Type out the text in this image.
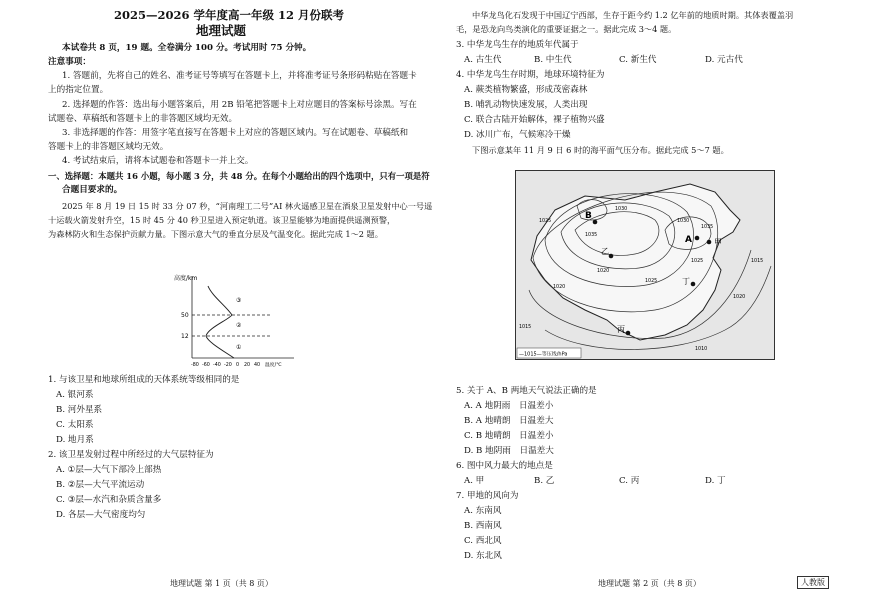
2025—2026 学年度高一年级 12 月份联考
地理试题
本试卷共 8 页，19 题。全卷满分 100 分。考试用时 75 分钟。
注意事项：
1. 答题前，先将自己的姓名、准考证号等填写在答题卡上，并将准考证号条形码粘贴在答题卡
上的指定位置。
2. 选择题的作答：选出每小题答案后，用 2B 铅笔把答题卡上对应题目的答案标号涂黑。写在
试题卷、草稿纸和答题卡上的非答题区域均无效。
3. 非选择题的作答：用签字笔直接写在答题卡上对应的答题区域内。写在试题卷、草稿纸和
答题卡上的非答题区域均无效。
4. 考试结束后，请将本试题卷和答题卡一并上交。
一、选择题：本题共 16 小题，每小题 3 分，共 48 分。在每个小题给出的四个选项中，只有一项是符
合题目要求的。
2025 年 8 月 19 日 15 时 33 分 07 秒，“河南理工二号”AI 林火遥感卫星在酒泉卫星发射中心一号遥
十运载火箭发射升空，15 时 45 分 40 秒卫星进入预定轨道。该卫星能够为地面提供遥测预警，
为森林防火和生态保护贡献力量。下图示意大气的垂直分层及气温变化。据此完成 1～2 题。
高度/km
50
12
③
②
①
-80 -60 -40 -20 0 20 40 温度/℃
1. 与该卫星和地球所组成的天体系统等级相同的是
A. 银河系
B. 河外星系
C. 太阳系
D. 地月系
2. 该卫星发射过程中所经过的大气层特征为
A. ①层—大气下部冷上部热
B. ②层—大气平流运动
C. ③层—水汽和杂质含量多
D. 各层—大气密度均匀
地理试题 第 1 页（共 8 页）
中华龙鸟化石发现于中国辽宁西部，生存于距今约 1.2 亿年前的地质时期。其体表覆盖羽
毛，是恐龙向鸟类演化的重要证据之一。据此完成 3～4 题。
3. 中华龙鸟生存的地质年代属于
A. 古生代	B. 中生代	C. 新生代	D. 元古代
4. 中华龙鸟生存时期，地球环境特征为
A. 蕨类植物繁盛，形成茂密森林
B. 哺乳动物快速发展，人类出现
C. 联合古陆开始解体，裸子植物兴盛
D. 冰川广布，气候寒冷干燥
下图示意某年 11 月 9 日 6 时的海平面气压分布。据此完成 5～7 题。
B
A	甲
乙
丙
丁
1035
1030
1025
1020
1015
1010
1035
1030
1025
1020
1015
1020
1025
—1015—等压线/hPa
5. 关于 A、B 两地天气说法正确的是
A. A 地阴雨　日温差小
B. A 地晴朗　日温差大
C. B 地晴朗　日温差小
D. B 地阴雨　日温差大
6. 图中风力最大的地点是
A. 甲	B. 乙	C. 丙	D. 丁
7. 甲地的风向为
A. 东南风
B. 西南风
C. 西北风
D. 东北风
地理试题 第 2 页（共 8 页）	人教版
